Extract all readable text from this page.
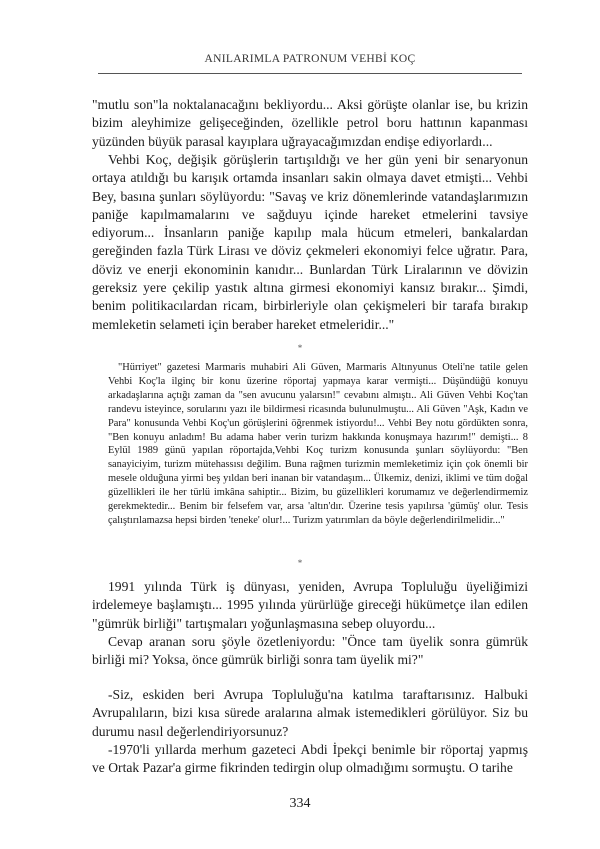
ANILARIMLA PATRONUM VEHBİ KOÇ

"mutlu son"la noktalanacağını bekliyordu... Aksi görüşte olanlar ise, bu krizin bizim aleyhimize gelişeceğinden, özellikle petrol boru hattının kapanması yüzünden büyük parasal kayıplara uğrayacağımızdan endişe ediyorlardı...

Vehbi Koç, değişik görüşlerin tartışıldığı ve her gün yeni bir senaryonun ortaya atıldığı bu karışık ortamda insanları sakin olmaya davet etmişti... Vehbi Bey, basına şunları söylüyordu: "Savaş ve kriz dönemlerinde vatandaşlarımızın paniğe kapılmamalarını ve sağduyu içinde hareket etmelerini tavsiye ediyorum... İnsanların paniğe kapılıp mala hücum etmeleri, bankalardan gereğinden fazla Türk Lirası ve döviz çekmeleri ekonomiyi felce uğratır. Para, döviz ve enerji ekonominin kanıdır... Bunlardan Türk Liralarının ve dövizin gereksiz yere çekilip yastık altına girmesi ekonomiyi kansız bırakır... Şimdi, benim politikacılardan ricam, birbirleriyle olan çekişmeleri bir tarafa bırakıp memleketin selameti için beraber hareket etmeleridir..."

*

"Hürriyet" gazetesi Marmaris muhabiri Ali Güven, Marmaris Altınyunus Oteli'ne tatile gelen Vehbi Koç'la ilginç bir konu üzerine röportaj yapmaya karar vermişti... Düşündüğü konuyu arkadaşlarına açtığı zaman da "sen avucunu yalarsın!" cevabını almıştı.. Ali Güven Vehbi Koç'tan randevu isteyince, sorularını yazı ile bildirmesi ricasında bulunulmuştu... Ali Güven "Aşk, Kadın ve Para" konusunda Vehbi Koç'un görüşlerini öğrenmek istiyordu!... Vehbi Bey notu gördükten sonra, "Ben konuyu anladım! Bu adama haber verin turizm hakkında konuşmaya hazırım!" demişti... 8 Eylül 1989 günü yapılan röportajda,Vehbi Koç turizm konusunda şunları söylüyordu: "Ben sanayiciyim, turizm mütehassısı değilim. Buna rağmen turizmin memleketimiz için çok önemli bir mesele olduğuna yirmi beş yıldan beri inanan bir vatandaşım... Ülkemiz, denizi, iklimi ve tüm doğal güzellikleri ile her türlü imkâna sahiptir... Bizim, bu güzellikleri korumamız ve değerlendirmemiz gerekmektedir... Benim bir felsefem var, arsa 'altın'dır. Üzerine tesis yapılırsa 'gümüş' olur. Tesis çalıştırılamazsa hepsi birden 'teneke' olur!... Turizm yatırımları da böyle değerlendirilmelidir..."

*

1991 yılında Türk iş dünyası, yeniden, Avrupa Topluluğu üyeliğimizi irdelemeye başlamıştı... 1995 yılında yürürlüğe gireceği hükümetçe ilan edilen "gümrük birliği" tartışmaları yoğunlaşmasına sebep oluyordu...

Cevap aranan soru şöyle özetleniyordu: "Önce tam üyelik sonra gümrük birliği mi? Yoksa, önce gümrük birliği sonra tam üyelik mi?"

-Siz, eskiden beri Avrupa Topluluğu'na katılma taraftarısınız. Halbuki Avrupalıların, bizi kısa sürede aralarına almak istemedikleri görülüyor. Siz bu durumu nasıl değerlendiriyorsunuz?

-1970'li yıllarda merhum gazeteci Abdi İpekçi benimle bir röportaj yapmış ve Ortak Pazar'a girme fikrinden tedirgin olup olmadığımı sormuştu. O tarihe

334
